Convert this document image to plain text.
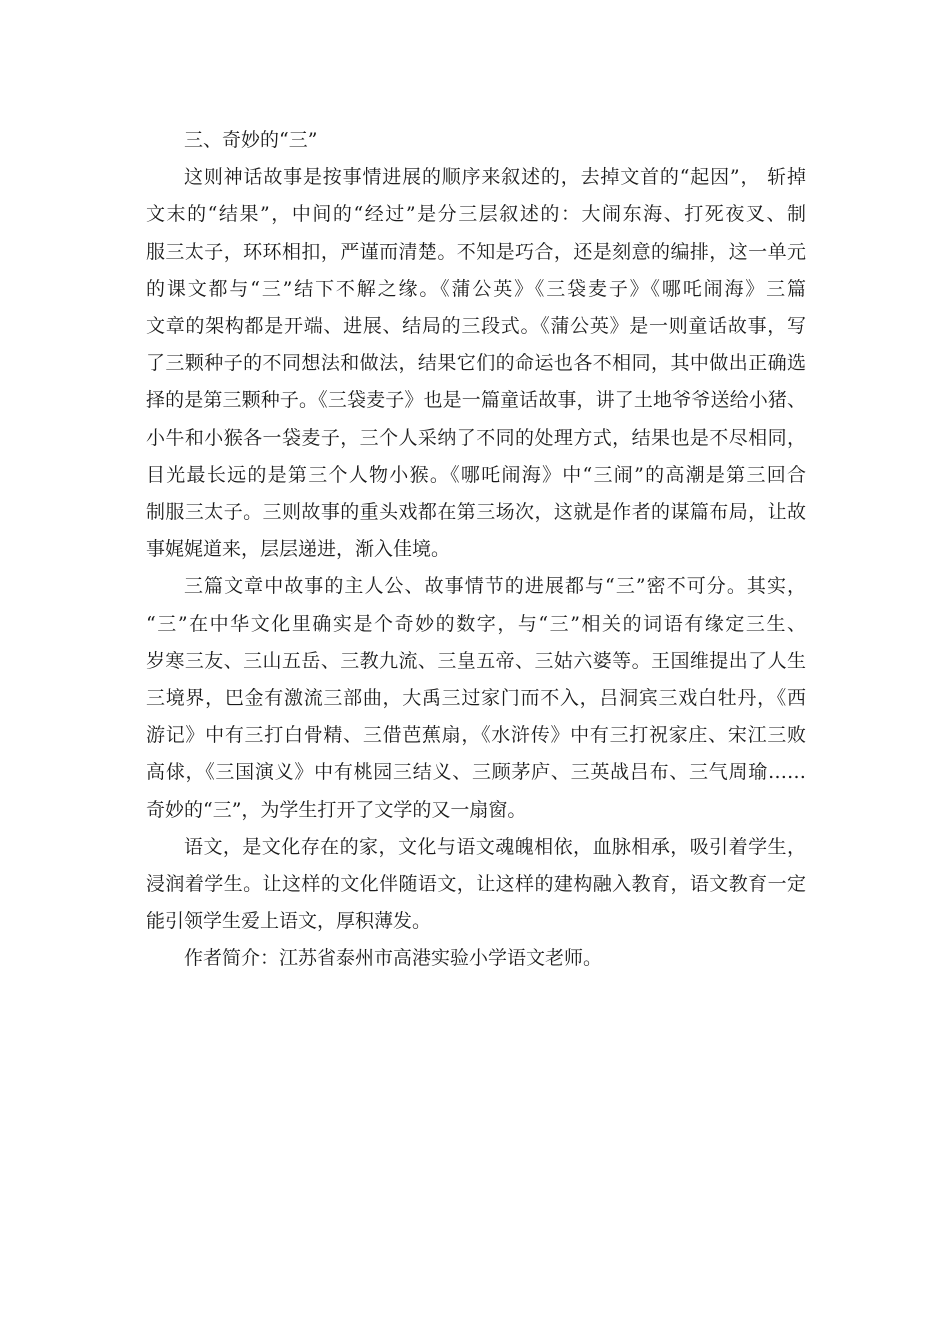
三、奇妙的“三”
这则神话故事是按事情进展的顺序来叙述的，去掉文首的“起因”， 斩掉
文末的“结果”，中间的“经过”是分三层叙述的：大闹东海、打死夜叉、制
服三太子，环环相扣，严谨而清楚。不知是巧合，还是刻意的编排，这一单元
的课文都与“三”结下不解之缘。《蒲公英》《三袋麦子》《哪吒闹海》三篇
文章的架构都是开端、进展、结局的三段式。《蒲公英》是一则童话故事，写
了三颗种子的不同想法和做法，结果它们的命运也各不相同，其中做出正确选
择的是第三颗种子。《三袋麦子》也是一篇童话故事，讲了土地爷爷送给小猪、
小牛和小猴各一袋麦子，三个人采纳了不同的处理方式，结果也是不尽相同，
目光最长远的是第三个人物小猴。《哪吒闹海》中“三闹”的高潮是第三回合
制服三太子。三则故事的重头戏都在第三场次，这就是作者的谋篇布局，让故
事娓娓道来，层层递进，渐入佳境。
三篇文章中故事的主人公、故事情节的进展都与“三”密不可分。其实，
“三”在中华文化里确实是个奇妙的数字，与“三”相关的词语有缘定三生、
岁寒三友、三山五岳、三教九流、三皇五帝、三姑六婆等。王国维提出了人生
三境界，巴金有激流三部曲，大禹三过家门而不入，吕洞宾三戏白牡丹，《西
游记》中有三打白骨精、三借芭蕉扇，《水浒传》中有三打祝家庄、宋江三败
高俅，《三国演义》中有桃园三结义、三顾茅庐、三英战吕布、三气周瑜……
奇妙的“三”，为学生打开了文学的又一扇窗。
语文，是文化存在的家，文化与语文魂魄相依，血脉相承，吸引着学生，
浸润着学生。让这样的文化伴随语文，让这样的建构融入教育，语文教育一定
能引领学生爱上语文，厚积薄发。
作者简介：江苏省泰州市高港实验小学语文老师。
